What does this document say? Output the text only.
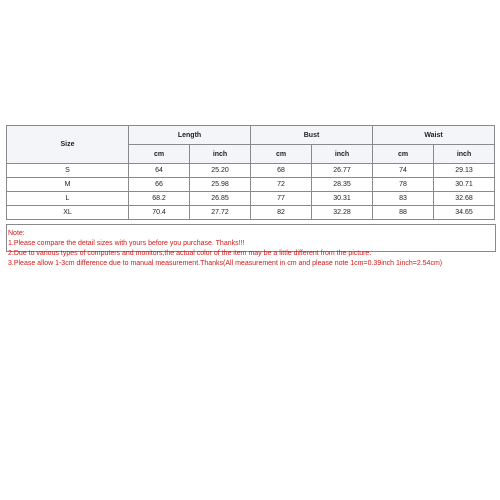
Size	Length		Bust		Waist	
	cm	inch	cm	inch	cm	inch
S	64	25.20	68	26.77	74	29.13
M	66	25.98	72	28.35	78	30.71
L	68.2	26.85	77	30.31	83	32.68
XL	70.4	27.72	82	32.28	88	34.65
Note:
1.Please compare the detail sizes with yours before you purchase. Thanks!!!
2.Due to various types of computers and monitors,the actual color of the item may be a little different from the picture.
3.Please allow 1-3cm difference due to manual measurement.Thanks(All measurement in cm and please note 1cm=0.39inch 1inch=2.54cm)
